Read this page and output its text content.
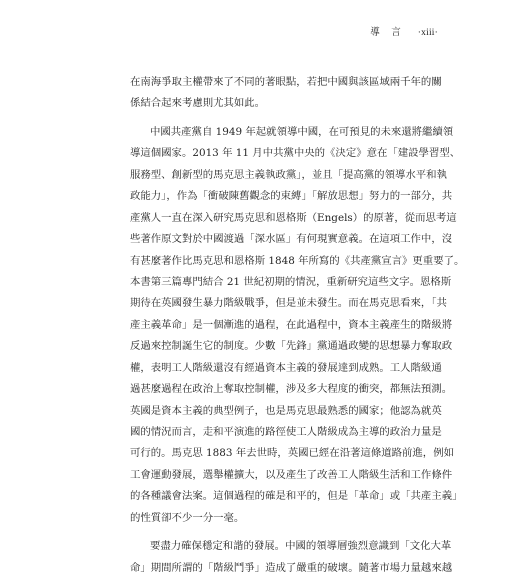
導　言 ·xiii·
在南海爭取主權帶來了不同的著眼點，若把中國與該區域兩千年的關
係結合起來考慮則尤其如此。
中國共產黨自 1949 年起就領導中國，在可預見的未來還將繼續領
導這個國家。2013 年 11 月中共黨中央的《決定》意在「建設學習型、
服務型、創新型的馬克思主義執政黨」，並且「提高黨的領導水平和執
政能力」，作為「衝破陳舊觀念的束縛」「解放思想」努力的一部分，共
產黨人一直在深入研究馬克思和恩格斯（Engels）的原著，從而思考這
些著作原文對於中國渡過「深水區」有何現實意義。在這項工作中，沒
有甚麼著作比馬克思和恩格斯 1848 年所寫的《共產黨宣言》更重要了。
本書第三篇專門結合 21 世紀初期的情況，重新研究這些文字。恩格斯
期待在英國發生暴力階級戰爭，但是並未發生。而在馬克思看來，「共
產主義革命」是一個漸進的過程，在此過程中，資本主義產生的階級將
反過來控制誕生它的制度。少數「先鋒」黨通過政變的思想暴力奪取政
權，表明工人階級還沒有經過資本主義的發展達到成熟。工人階級通
過甚麼過程在政治上奪取控制權，涉及多大程度的衝突，都無法預測。
英國是資本主義的典型例子，也是馬克思最熟悉的國家；他認為就英
國的情況而言，走和平演進的路徑使工人階級成為主導的政治力量是
可行的。馬克思 1883 年去世時，英國已經在沿著這條道路前進，例如
工會運動發展，選舉權擴大，以及產生了改善工人階級生活和工作條件
的各種議會法案。這個過程的確是和平的，但是「革命」或「共產主義」
的性質卻不少一分一毫。
要盡力確保穩定和諧的發展。中國的領導層強烈意識到「文化大革
命」期間所謂的「階級鬥爭」造成了嚴重的破壞。隨著市場力量越來越
